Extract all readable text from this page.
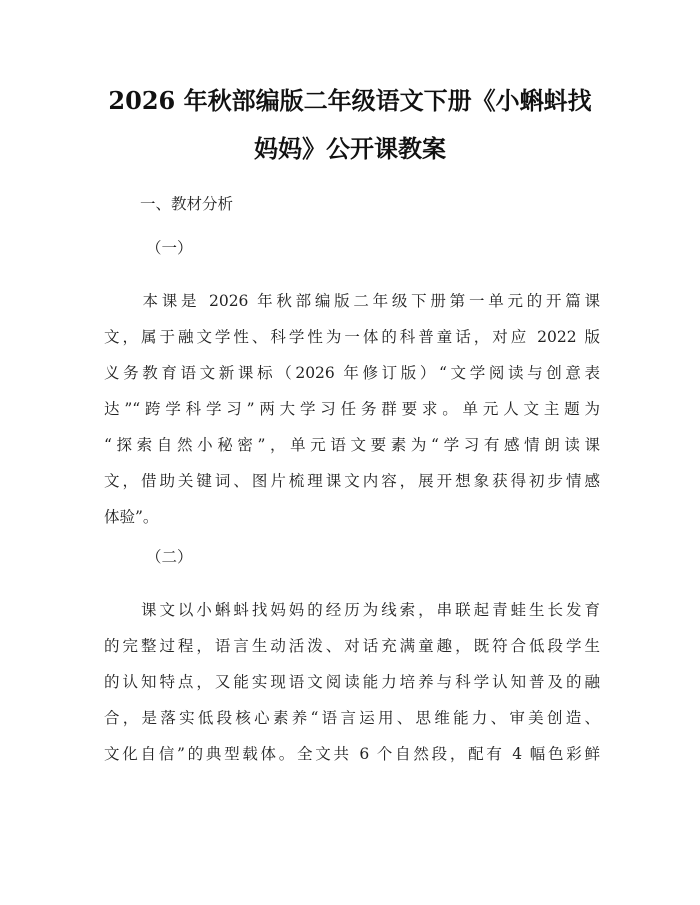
2026 年秋部编版二年级语文下册《小蝌蚪找
妈妈》公开课教案
一、教材分析
（一）
　　本课是 2026 年秋部编版二年级下册第一单元的开篇课
文，属于融文学性、科学性为一体的科普童话，对应 2022 版
义务教育语文新课标（2026 年修订版）“文学阅读与创意表
达”“跨学科学习”两大学习任务群要求。单元人文主题为
“探索自然小秘密”，单元语文要素为“学习有感情朗读课
文，借助关键词、图片梳理课文内容，展开想象获得初步情感
体验”。
（二）
　　课文以小蝌蚪找妈妈的经历为线索，串联起青蛙生长发育
的完整过程，语言生动活泼、对话充满童趣，既符合低段学生
的认知特点，又能实现语文阅读能力培养与科学认知普及的融
合，是落实低段核心素养“语言运用、思维能力、审美创造、
文化自信”的典型载体。全文共 6 个自然段，配有 4 幅色彩鲜
